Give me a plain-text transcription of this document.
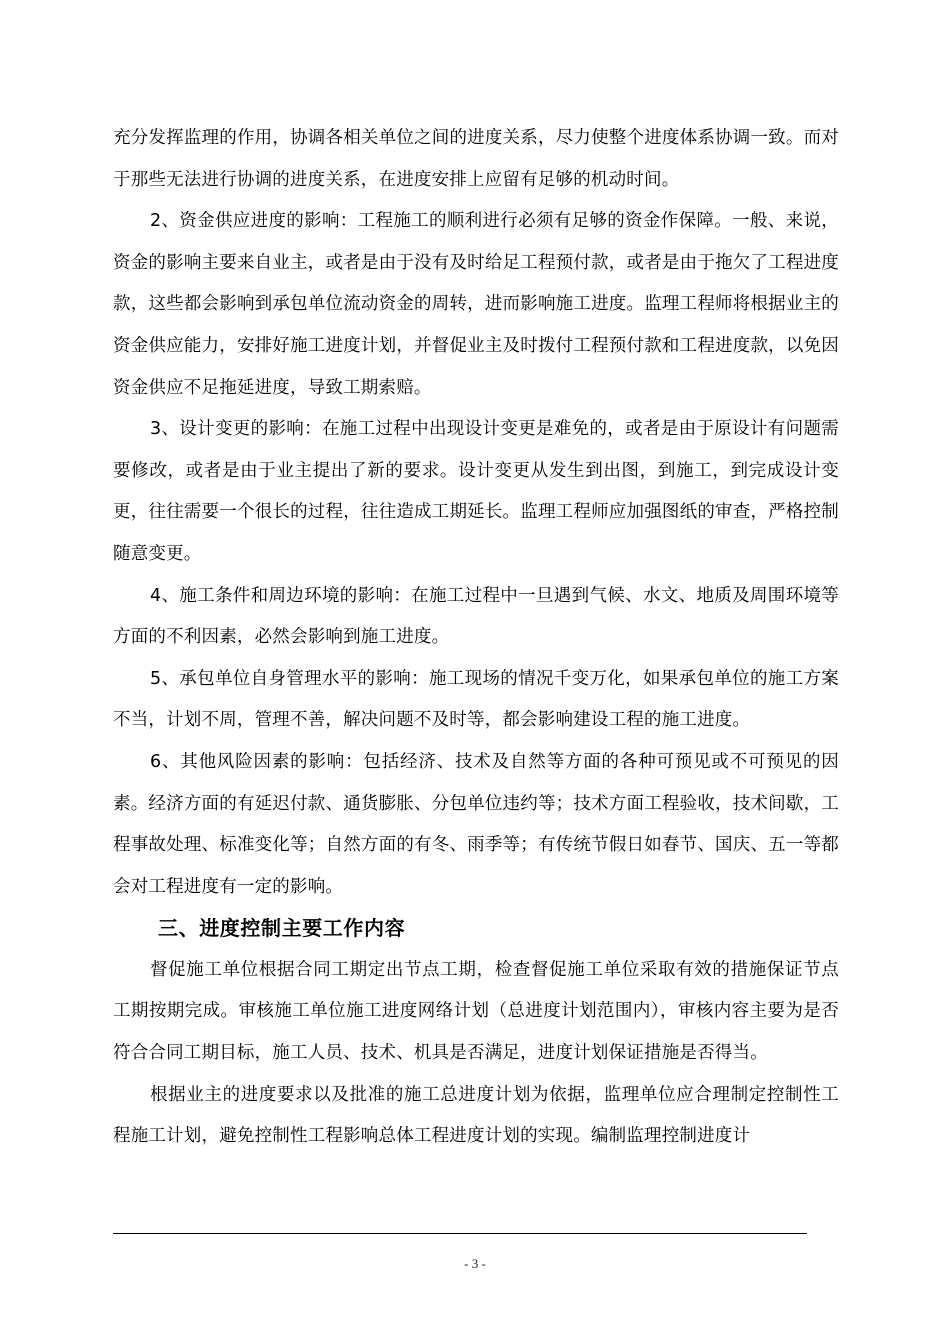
充分发挥监理的作用，协调各相关单位之间的进度关系，尽力使整个进度体系协调一致。而对于那些无法进行协调的进度关系，在进度安排上应留有足够的机动时间。

2、资金供应进度的影响：工程施工的顺利进行必须有足够的资金作保障。一般、来说，资金的影响主要来自业主，或者是由于没有及时给足工程预付款，或者是由于拖欠了工程进度款，这些都会影响到承包单位流动资金的周转，进而影响施工进度。监理工程师将根据业主的资金供应能力，安排好施工进度计划，并督促业主及时拨付工程预付款和工程进度款，以免因资金供应不足拖延进度，导致工期索赔。

3、设计变更的影响：在施工过程中出现设计变更是难免的，或者是由于原设计有问题需要修改，或者是由于业主提出了新的要求。设计变更从发生到出图，到施工，到完成设计变更，往往需要一个很长的过程，往往造成工期延长。监理工程师应加强图纸的审查，严格控制随意变更。

4、施工条件和周边环境的影响：在施工过程中一旦遇到气候、水文、地质及周围环境等方面的不利因素，必然会影响到施工进度。

5、承包单位自身管理水平的影响：施工现场的情况千变万化，如果承包单位的施工方案不当，计划不周，管理不善，解决问题不及时等，都会影响建设工程的施工进度。

6、其他风险因素的影响：包括经济、技术及自然等方面的各种可预见或不可预见的因素。经济方面的有延迟付款、通货膨胀、分包单位违约等；技术方面工程验收，技术间歇，工程事故处理、标准变化等；自然方面的有冬、雨季等；有传统节假日如春节、国庆、五一等都会对工程进度有一定的影响。

三、进度控制主要工作内容

督促施工单位根据合同工期定出节点工期，检查督促施工单位采取有效的措施保证节点工期按期完成。审核施工单位施工进度网络计划（总进度计划范围内），审核内容主要为是否符合合同工期目标，施工人员、技术、机具是否满足，进度计划保证措施是否得当。

根据业主的进度要求以及批准的施工总进度计划为依据，监理单位应合理制定控制性工程施工计划，避免控制性工程影响总体工程进度计划的实现。编制监理控制进度计

- 3 -
